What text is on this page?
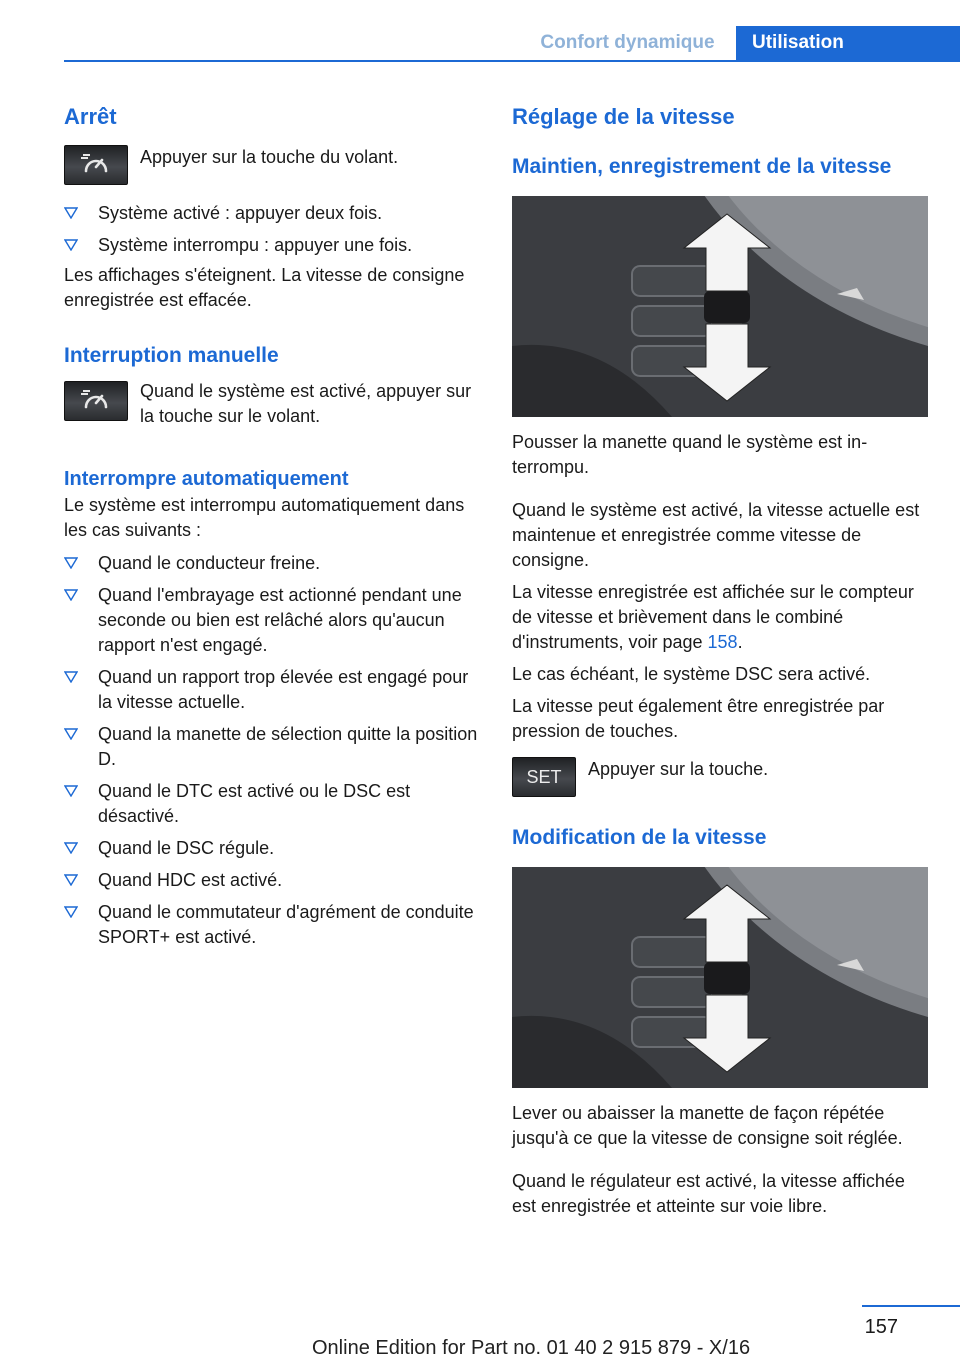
Confort dynamique Utilisation
Arrêt
Appuyer sur la touche du volant.
Système activé : appuyer deux fois.
Système interrompu : appuyer une fois.

Les affichages s'éteignent. La vitesse de consigne enregistrée est effacée.

Interruption manuelle
Quand le système est activé, appuyer sur la touche sur le volant.
Interrompre automatiquement

Le système est interrompu automatiquement dans les cas suivants :

Quand le conducteur freine.
Quand l'embrayage est actionné pendant une seconde ou bien est relâché alors qu'aucun rapport n'est engagé.
Quand un rapport trop élevée est engagé pour la vitesse actuelle.
Quand la manette de sélection quitte la position D.
Quand le DTC est activé ou le DSC est désactivé.
Quand le DSC régule.
Quand HDC est activé.
Quand le commutateur d'agrément de conduite SPORT+ est activé.
Réglage de la vitesse
Maintien, enregistrement de la vitesse

Pousser la manette quand le système est interrompu.

Quand le système est activé, la vitesse actuelle est maintenue et enregistrée comme vitesse de consigne.

La vitesse enregistrée est affichée sur le compteur de vitesse et brièvement dans le combiné d'instruments, voir page 158.

Le cas échéant, le système DSC sera activé.

La vitesse peut également être enregistrée par pression de touches.

SET Appuyer sur la touche.
Modification de la vitesse

Lever ou abaisser la manette de façon répétée jusqu'à ce que la vitesse de consigne soit réglée.

Quand le régulateur est activé, la vitesse affichée est enregistrée et atteinte sur voie libre.

157
Online Edition for Part no. 01 40 2 915 879 - X/16
